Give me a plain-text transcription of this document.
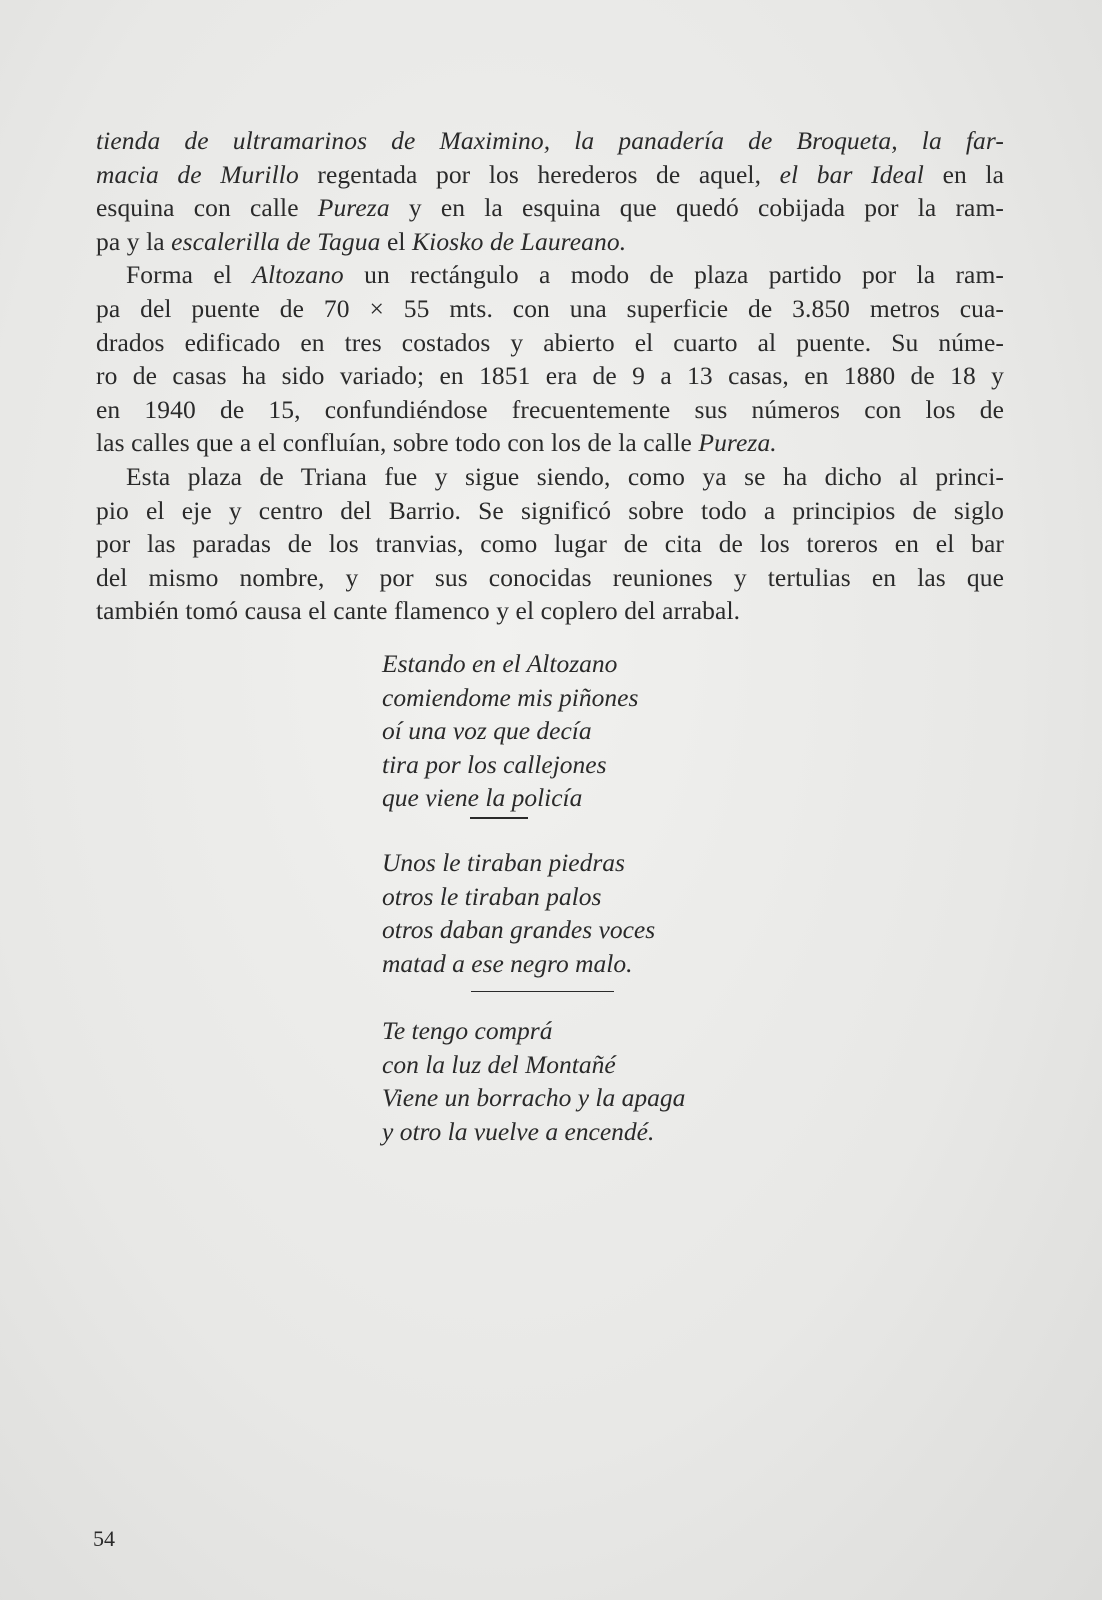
tienda de ultramarinos de Maximino, la panadería de Broqueta, la far-
macia de Murillo regentada por los herederos de aquel, el bar Ideal en la
esquina con calle Pureza y en la esquina que quedó cobijada por la ram-
pa y la escalerilla de Tagua el Kiosko de Laureano.
Forma el Altozano un rectángulo a modo de plaza partido por la ram-
pa del puente de 70 × 55 mts. con una superficie de 3.850 metros cua-
drados edificado en tres costados y abierto el cuarto al puente. Su núme-
ro de casas ha sido variado; en 1851 era de 9 a 13 casas, en 1880 de 18 y
en 1940 de 15, confundiéndose frecuentemente sus números con los de
las calles que a el confluían, sobre todo con los de la calle Pureza.
Esta plaza de Triana fue y sigue siendo, como ya se ha dicho al princi-
pio el eje y centro del Barrio. Se significó sobre todo a principios de siglo
por las paradas de los tranvias, como lugar de cita de los toreros en el bar
del mismo nombre, y por sus conocidas reuniones y tertulias en las que
también tomó causa el cante flamenco y el coplero del arrabal.
Estando en el Altozano
comiendome mis piñones
oí una voz que decía
tira por los callejones
que viene la policía
Unos le tiraban piedras
otros le tiraban palos
otros daban grandes voces
matad a ese negro malo.
Te tengo comprá
con la luz del Montañé
Viene un borracho y la apaga
y otro la vuelve a encendé.
54
